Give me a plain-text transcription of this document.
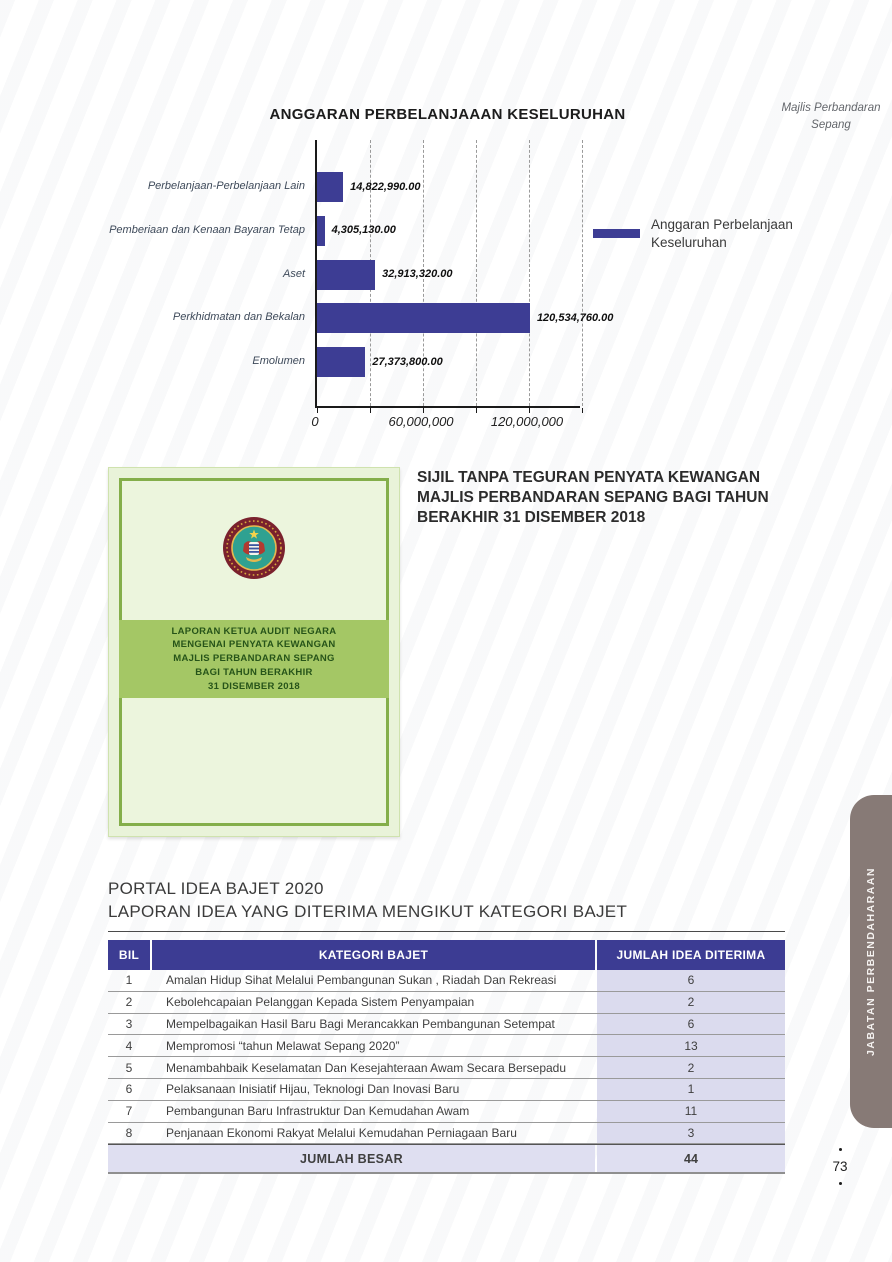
Majlis Perbandaran Sepang
ANGGARAN PERBELANJAAAN KESELURUHAN
Perbelanjaan-Perbelanjaan Lain	14,822,990.00
Pemberiaan dan Kenaan Bayaran Tetap 4,305,130.00
Aset	32,913,320.00
Perkhidmatan dan Bekalan	120,534,760.00
Emolumen	27,373,800.00
0	60,000,000	120,000,000
Anggaran Perbelanjaan Keseluruhan
LAPORAN KETUA AUDIT NEGARA
MENGENAI PENYATA KEWANGAN
MAJLIS PERBANDARAN SEPANG
BAGI TAHUN BERAKHIR
31 DISEMBER 2018
SIJIL TANPA TEGURAN PENYATA KEWANGAN MAJLIS PERBANDARAN SEPANG BAGI TAHUN BERAKHIR 31 DISEMBER 2018
PORTAL IDEA BAJET 2020
LAPORAN IDEA YANG DITERIMA MENGIKUT KATEGORI BAJET
BIL	KATEGORI BAJET	JUMLAH IDEA DITERIMA
1	Amalan Hidup Sihat Melalui Pembangunan Sukan , Riadah Dan Rekreasi	6
2	Kebolehcapaian Pelanggan Kepada Sistem Penyampaian	2
3	Mempelbagaikan Hasil Baru Bagi Merancakkan Pembangunan Setempat	6
4	Mempromosi “tahun Melawat Sepang 2020”	13
5	Menambahbaik Keselamatan Dan Kesejahteraan Awam Secara Bersepadu	2
6	Pelaksanaan Inisiatif Hijau, Teknologi Dan Inovasi Baru	1
7	Pembangunan Baru Infrastruktur Dan Kemudahan Awam	11
8	Penjanaan Ekonomi Rakyat Melalui Kemudahan Perniagaan Baru	3
JUMLAH BESAR	44
JABATAN PERBENDAHARAAN
73
